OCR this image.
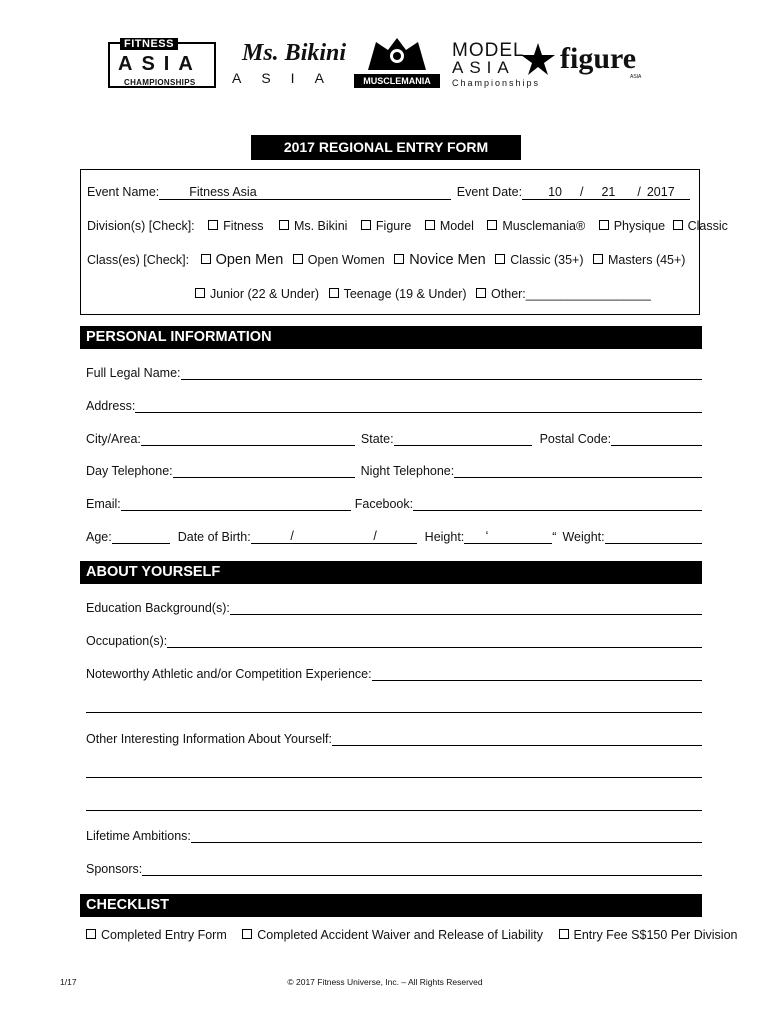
FITNESS
ASIA
CHAMPIONSHIPS
Ms. Bikini
ASIA	MUSCLEMANIA
MODEL
ASIA
Championships
figure
ASIA
2017 REGIONAL ENTRY FORM
Event Name: Fitness Asia	Event Date: 10 / 21 / 2017
Division(s) [Check]: Fitness Ms. Bikini Figure Model Musclemania® Physique Classic
Class(es) [Check]: Open Men Open Women Novice Men Classic (35+) Masters (45+)
Junior (22 & Under) Teenage (19 & Under) Other:__________________
PERSONAL INFORMATION
Full Legal Name:
Address:
City/Area:	State:	Postal Code:
Day Telephone:	Night Telephone:
Email:	Facebook:
Age:	Date of Birth:	/	/	Height: ‘	“ Weight:
ABOUT YOURSELF
Education Background(s):
Occupation(s):
Noteworthy Athletic and/or Competition Experience:
Other Interesting Information About Yourself:
Lifetime Ambitions:
Sponsors:
CHECKLIST
Completed Entry Form Completed Accident Waiver and Release of Liability Entry Fee S$150 Per Division
1/17	© 2017 Fitness Universe, Inc. – All Rights Reserved
